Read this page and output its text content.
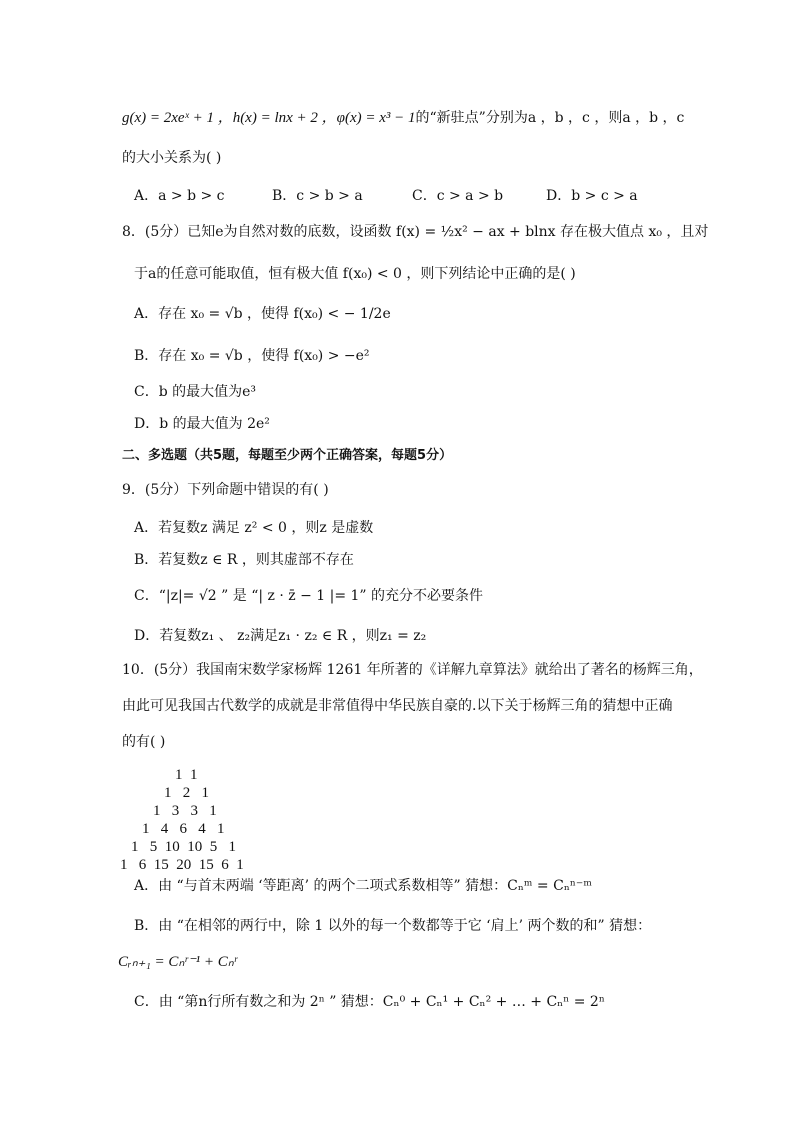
g(x) = 2xeˣ + 1 ，h(x) = lnx + 2 ，φ(x) = x³ − 1的“新驻点”分别为a ，b ，c ，则a ，b ，c
的大小关系为( )
A．a > b > c	B．c > b > a	C．c > a > b	D．b > c > a
8．(5分）已知e为自然对数的底数，设函数 f(x) = ½x² − ax + blnx 存在极大值点 x₀ ，且对
于a的任意可能取值，恒有极大值 f(x₀) < 0 ，则下列结论中正确的是( )
A．存在 x₀ = √b ，使得 f(x₀) < − 1/2e
B．存在 x₀ = √b ，使得 f(x₀) > −e²
C．b 的最大值为e³
D．b 的最大值为 2e²
二、多选题（共5题，每题至少两个正确答案，每题5分）
9．(5分）下列命题中错误的有( )
A．若复数z 满足 z² < 0 ，则z 是虚数
B．若复数z ∈ R ，则其虚部不存在
C．“|z|= √2 ” 是 “| z · z̄ − 1 |= 1” 的充分不必要条件
D．若复数z₁ 、 z₂满足z₁ · z₂ ∈ R ，则z₁ = z₂
10．(5分）我国南宋数学家杨辉 1261 年所著的《详解九章算法》就给出了著名的杨辉三角，
由此可见我国古代数学的成就是非常值得中华民族自豪的.以下关于杨辉三角的猜想中正确
的有( )
1  1
1   2   1
1   3   3   1
1   4   6   4   1
1   5  10  10  5   1
1   6  15  20  15  6  1
A．由 “与首末两端 ‘等距离’ 的两个二项式系数相等” 猜想：Cₙᵐ = Cₙⁿ⁻ᵐ
B．由 “在相邻的两行中，除 1 以外的每一个数都等于它 ‘肩上’ 两个数的和” 猜想：
Cᵣₙ₊₁ = Cₙʳ⁻¹ + Cₙʳ
C．由 “第n行所有数之和为 2ⁿ ” 猜想：Cₙ⁰ + Cₙ¹ + Cₙ² + … + Cₙⁿ = 2ⁿ
